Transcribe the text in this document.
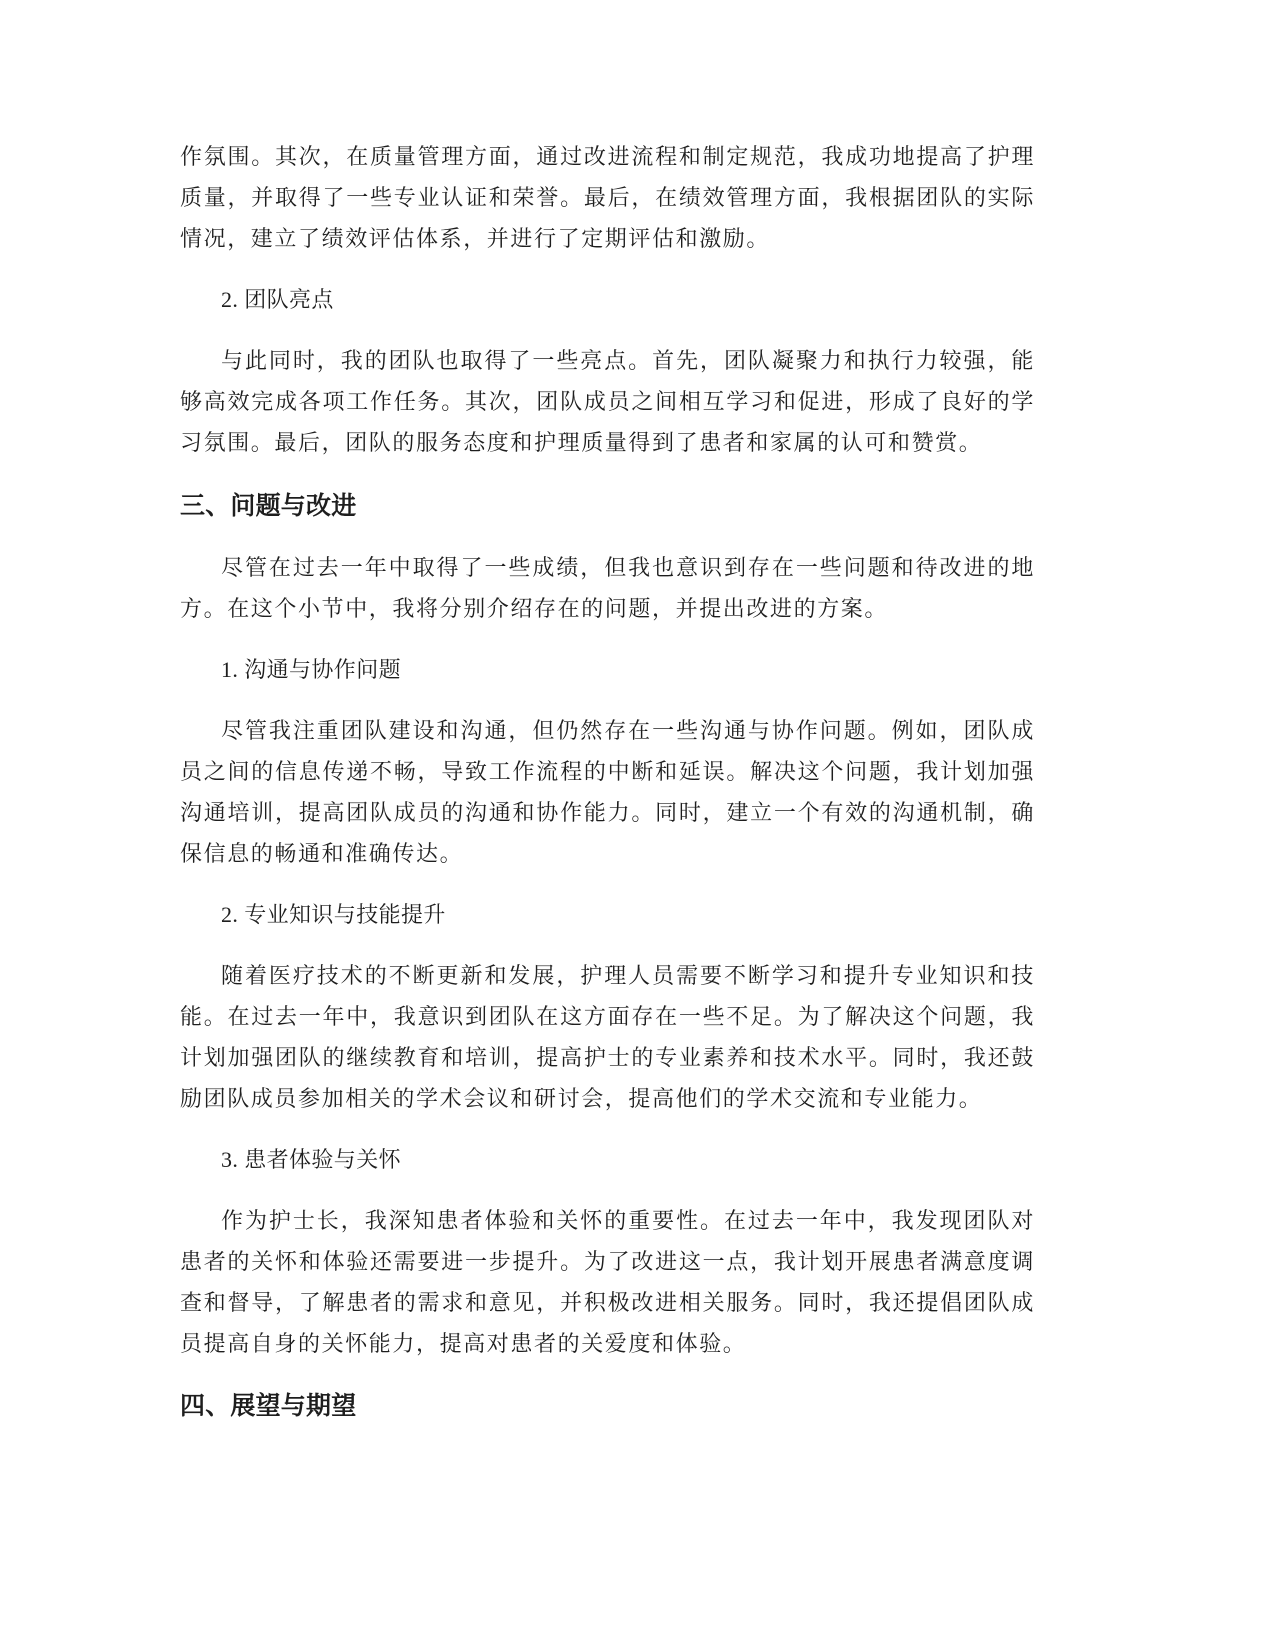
作氛围。其次，在质量管理方面，通过改进流程和制定规范，我成功地提高了护理质量，并取得了一些专业认证和荣誉。最后，在绩效管理方面，我根据团队的实际情况，建立了绩效评估体系，并进行了定期评估和激励。

2. 团队亮点

与此同时，我的团队也取得了一些亮点。首先，团队凝聚力和执行力较强，能够高效完成各项工作任务。其次，团队成员之间相互学习和促进，形成了良好的学习氛围。最后，团队的服务态度和护理质量得到了患者和家属的认可和赞赏。

三、问题与改进

尽管在过去一年中取得了一些成绩，但我也意识到存在一些问题和待改进的地方。在这个小节中，我将分别介绍存在的问题，并提出改进的方案。

1. 沟通与协作问题

尽管我注重团队建设和沟通，但仍然存在一些沟通与协作问题。例如，团队成员之间的信息传递不畅，导致工作流程的中断和延误。解决这个问题，我计划加强沟通培训，提高团队成员的沟通和协作能力。同时，建立一个有效的沟通机制，确保信息的畅通和准确传达。

2. 专业知识与技能提升

随着医疗技术的不断更新和发展，护理人员需要不断学习和提升专业知识和技能。在过去一年中，我意识到团队在这方面存在一些不足。为了解决这个问题，我计划加强团队的继续教育和培训，提高护士的专业素养和技术水平。同时，我还鼓励团队成员参加相关的学术会议和研讨会，提高他们的学术交流和专业能力。

3. 患者体验与关怀

作为护士长，我深知患者体验和关怀的重要性。在过去一年中，我发现团队对患者的关怀和体验还需要进一步提升。为了改进这一点，我计划开展患者满意度调查和督导，了解患者的需求和意见，并积极改进相关服务。同时，我还提倡团队成员提高自身的关怀能力，提高对患者的关爱度和体验。

四、展望与期望
